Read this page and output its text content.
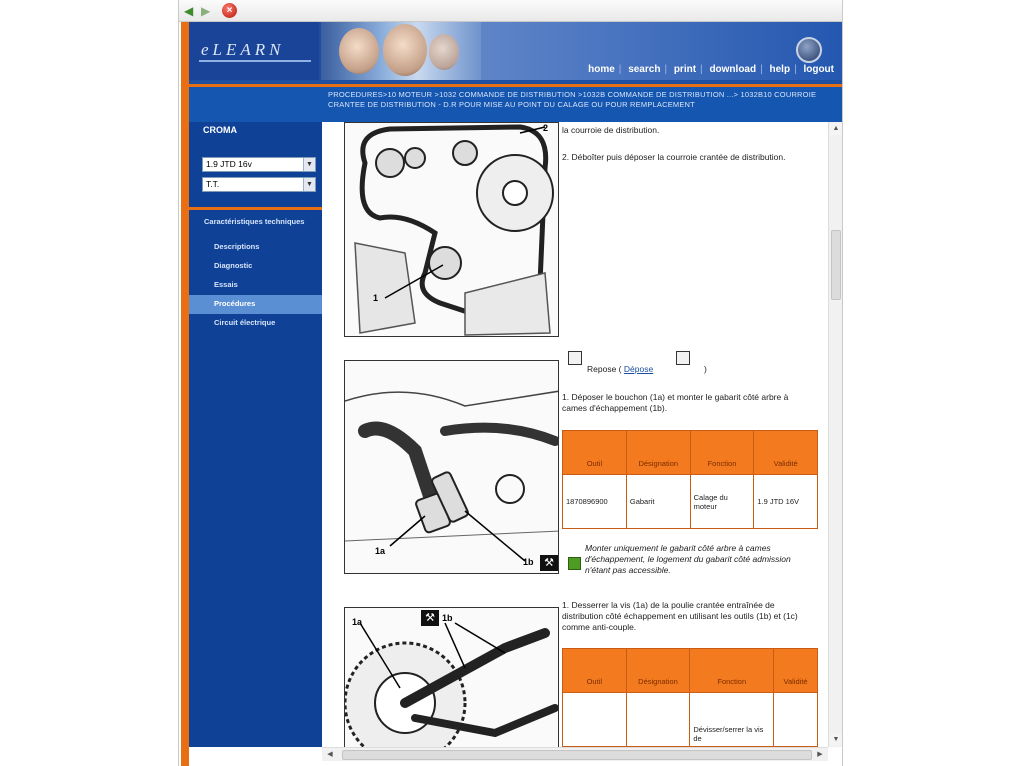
◀ ▶	×
eLEARN
home | search | print | download | help | logout
CROMA
1.9 JTD 16v	▼
T.T.	▼
Caractéristiques techniques
Descriptions
Diagnostic
Essais
Procédures
Circuit électrique
PROCEDURES>10 MOTEUR >1032 COMMANDE DE DISTRIBUTION >1032B COMMANDE DE DISTRIBUTION ...> 1032B10 COURROIE CRANTEE DE DISTRIBUTION - D.R POUR MISE AU POINT DU CALAGE OU POUR REMPLACEMENT
1
2 la courroie de distribution.
2. Déboîter puis déposer la courroie crantée de distribution.
1a
1b ⚒
Repose ( Dépose	)
1. Déposer le bouchon (1a) et monter le gabarit côté arbre à cames d'échappement (1b).
Outil	Désignation	Fonction	Validité
1870896900	Gabarit	Calage du moteur	1.9 JTD 16V
Monter uniquement le gabarit côté arbre à cames d'échappement, le logement du gabarit côté admission n'étant pas accessible.
1a	1b
⚒
1. Desserrer la vis (1a) de la poulie crantée entraînée de distribution côté échappement en utilisant les outils (1b) et (1c) comme anti-couple.
Outil	Désignation	Fonction	Validité
		Dévisser/serrer la vis de	
▲
▼
◀	▶
